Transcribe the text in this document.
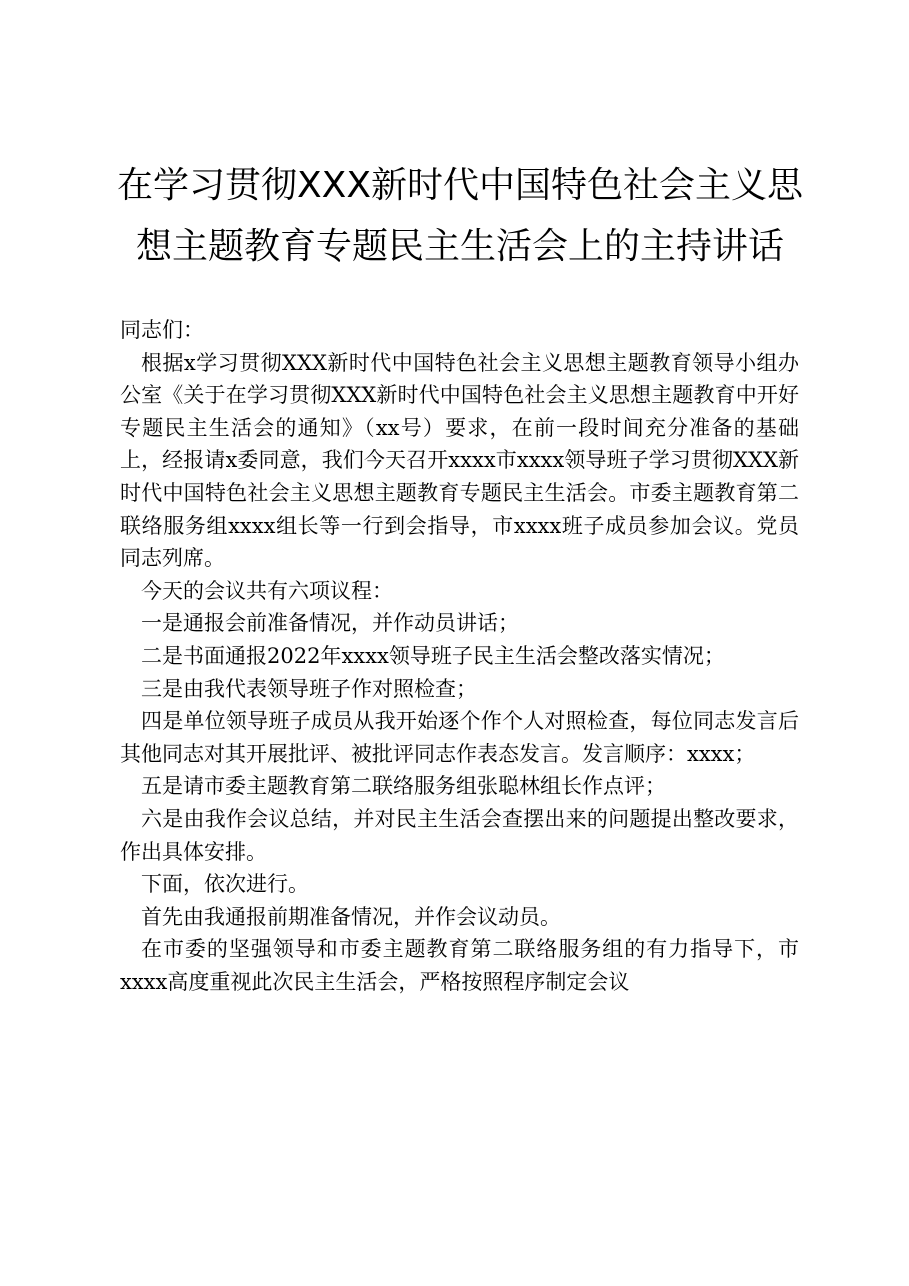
在学习贯彻XXX新时代中国特色社会主义思
想主题教育专题民主生活会上的主持讲话

同志们：

根据x学习贯彻XXX新时代中国特色社会主义思想主题教育领导小组办公室《关于在学习贯彻XXX新时代中国特色社会主义思想主题教育中开好专题民主生活会的通知》（xx号）要求，在前一段时间充分准备的基础上，经报请x委同意，我们今天召开xxxx市xxxx领导班子学习贯彻XXX新时代中国特色社会主义思想主题教育专题民主生活会。市委主题教育第二联络服务组xxxx组长等一行到会指导，市xxxx班子成员参加会议。党员同志列席。

今天的会议共有六项议程：

一是通报会前准备情况，并作动员讲话；

二是书面通报2022年xxxx领导班子民主生活会整改落实情况；

三是由我代表领导班子作对照检查；

四是单位领导班子成员从我开始逐个作个人对照检查，每位同志发言后其他同志对其开展批评、被批评同志作表态发言。发言顺序：xxxx；

五是请市委主题教育第二联络服务组张聪林组长作点评；

六是由我作会议总结，并对民主生活会查摆出来的问题提出整改要求，作出具体安排。

下面，依次进行。

首先由我通报前期准备情况，并作会议动员。

在市委的坚强领导和市委主题教育第二联络服务组的有力指导下，市xxxx高度重视此次民主生活会，严格按照程序制定会议
